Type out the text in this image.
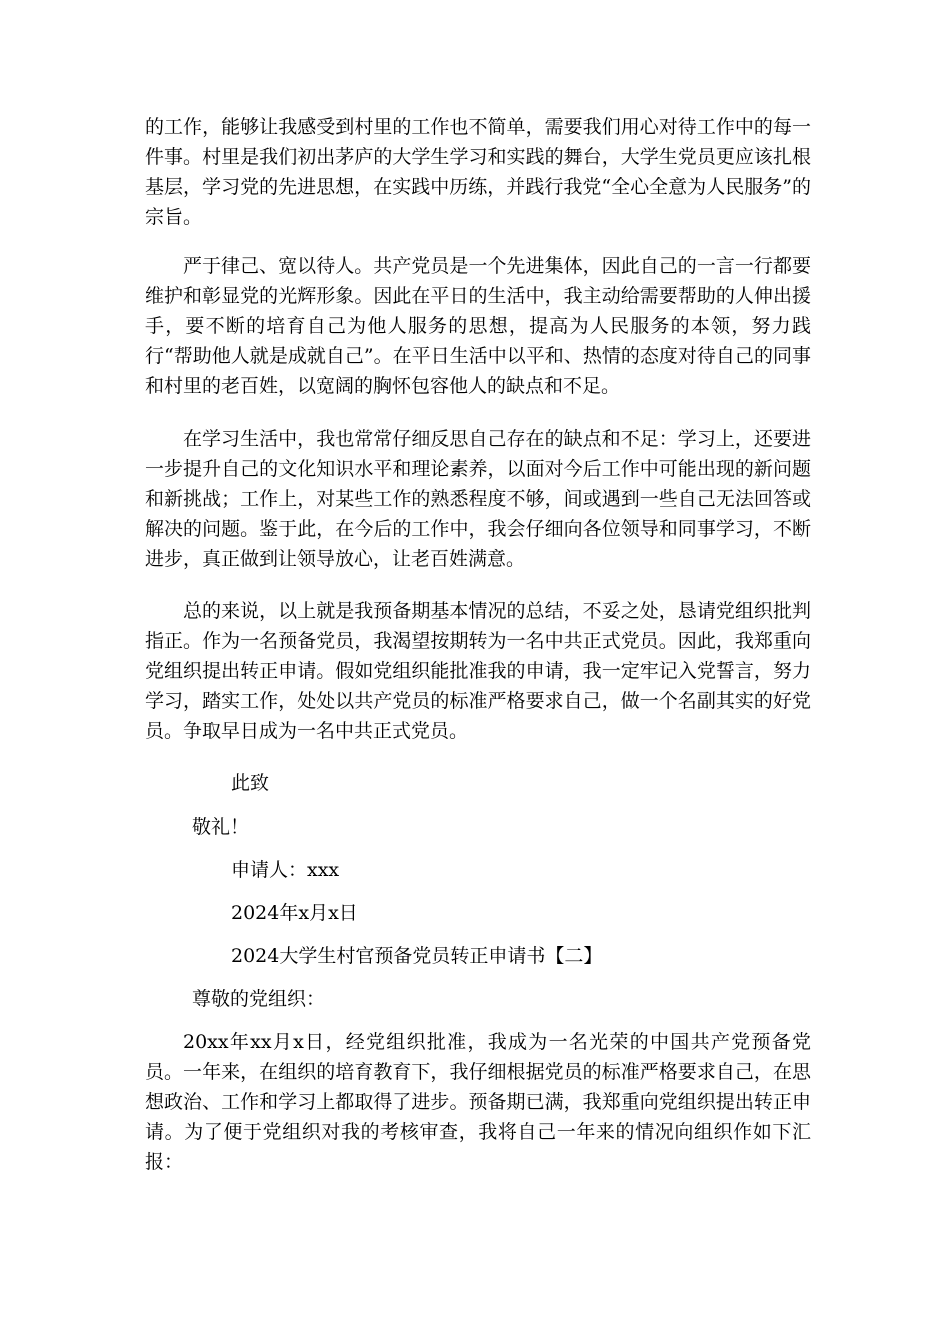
的工作，能够让我感受到村里的工作也不简单，需要我们用心对待工作中的每一件事。村里是我们初出茅庐的大学生学习和实践的舞台，大学生党员更应该扎根基层，学习党的先进思想，在实践中历练，并践行我党“全心全意为人民服务”的宗旨。

严于律己、宽以待人。共产党员是一个先进集体，因此自己的一言一行都要维护和彰显党的光辉形象。因此在平日的生活中，我主动给需要帮助的人伸出援手，要不断的培育自己为他人服务的思想，提高为人民服务的本领，努力践行“帮助他人就是成就自己”。在平日生活中以平和、热情的态度对待自己的同事和村里的老百姓，以宽阔的胸怀包容他人的缺点和不足。

在学习生活中，我也常常仔细反思自己存在的缺点和不足：学习上，还要进一步提升自己的文化知识水平和理论素养，以面对今后工作中可能出现的新问题和新挑战；工作上，对某些工作的熟悉程度不够，间或遇到一些自己无法回答或解决的问题。鉴于此，在今后的工作中，我会仔细向各位领导和同事学习，不断进步，真正做到让领导放心，让老百姓满意。

总的来说，以上就是我预备期基本情况的总结，不妥之处，恳请党组织批判指正。作为一名预备党员，我渴望按期转为一名中共正式党员。因此，我郑重向党组织提出转正申请。假如党组织能批准我的申请，我一定牢记入党誓言，努力学习，踏实工作，处处以共产党员的标准严格要求自己，做一个名副其实的好党员。争取早日成为一名中共正式党员。

此致

敬礼！

申请人：xxx

2024年x月x日

2024大学生村官预备党员转正申请书【二】

尊敬的党组织：

20xx年xx月x日，经党组织批准，我成为一名光荣的中国共产党预备党员。一年来，在组织的培育教育下，我仔细根据党员的标准严格要求自己，在思想政治、工作和学习上都取得了进步。预备期已满，我郑重向党组织提出转正申请。为了便于党组织对我的考核审查，我将自己一年来的情况向组织作如下汇报：
